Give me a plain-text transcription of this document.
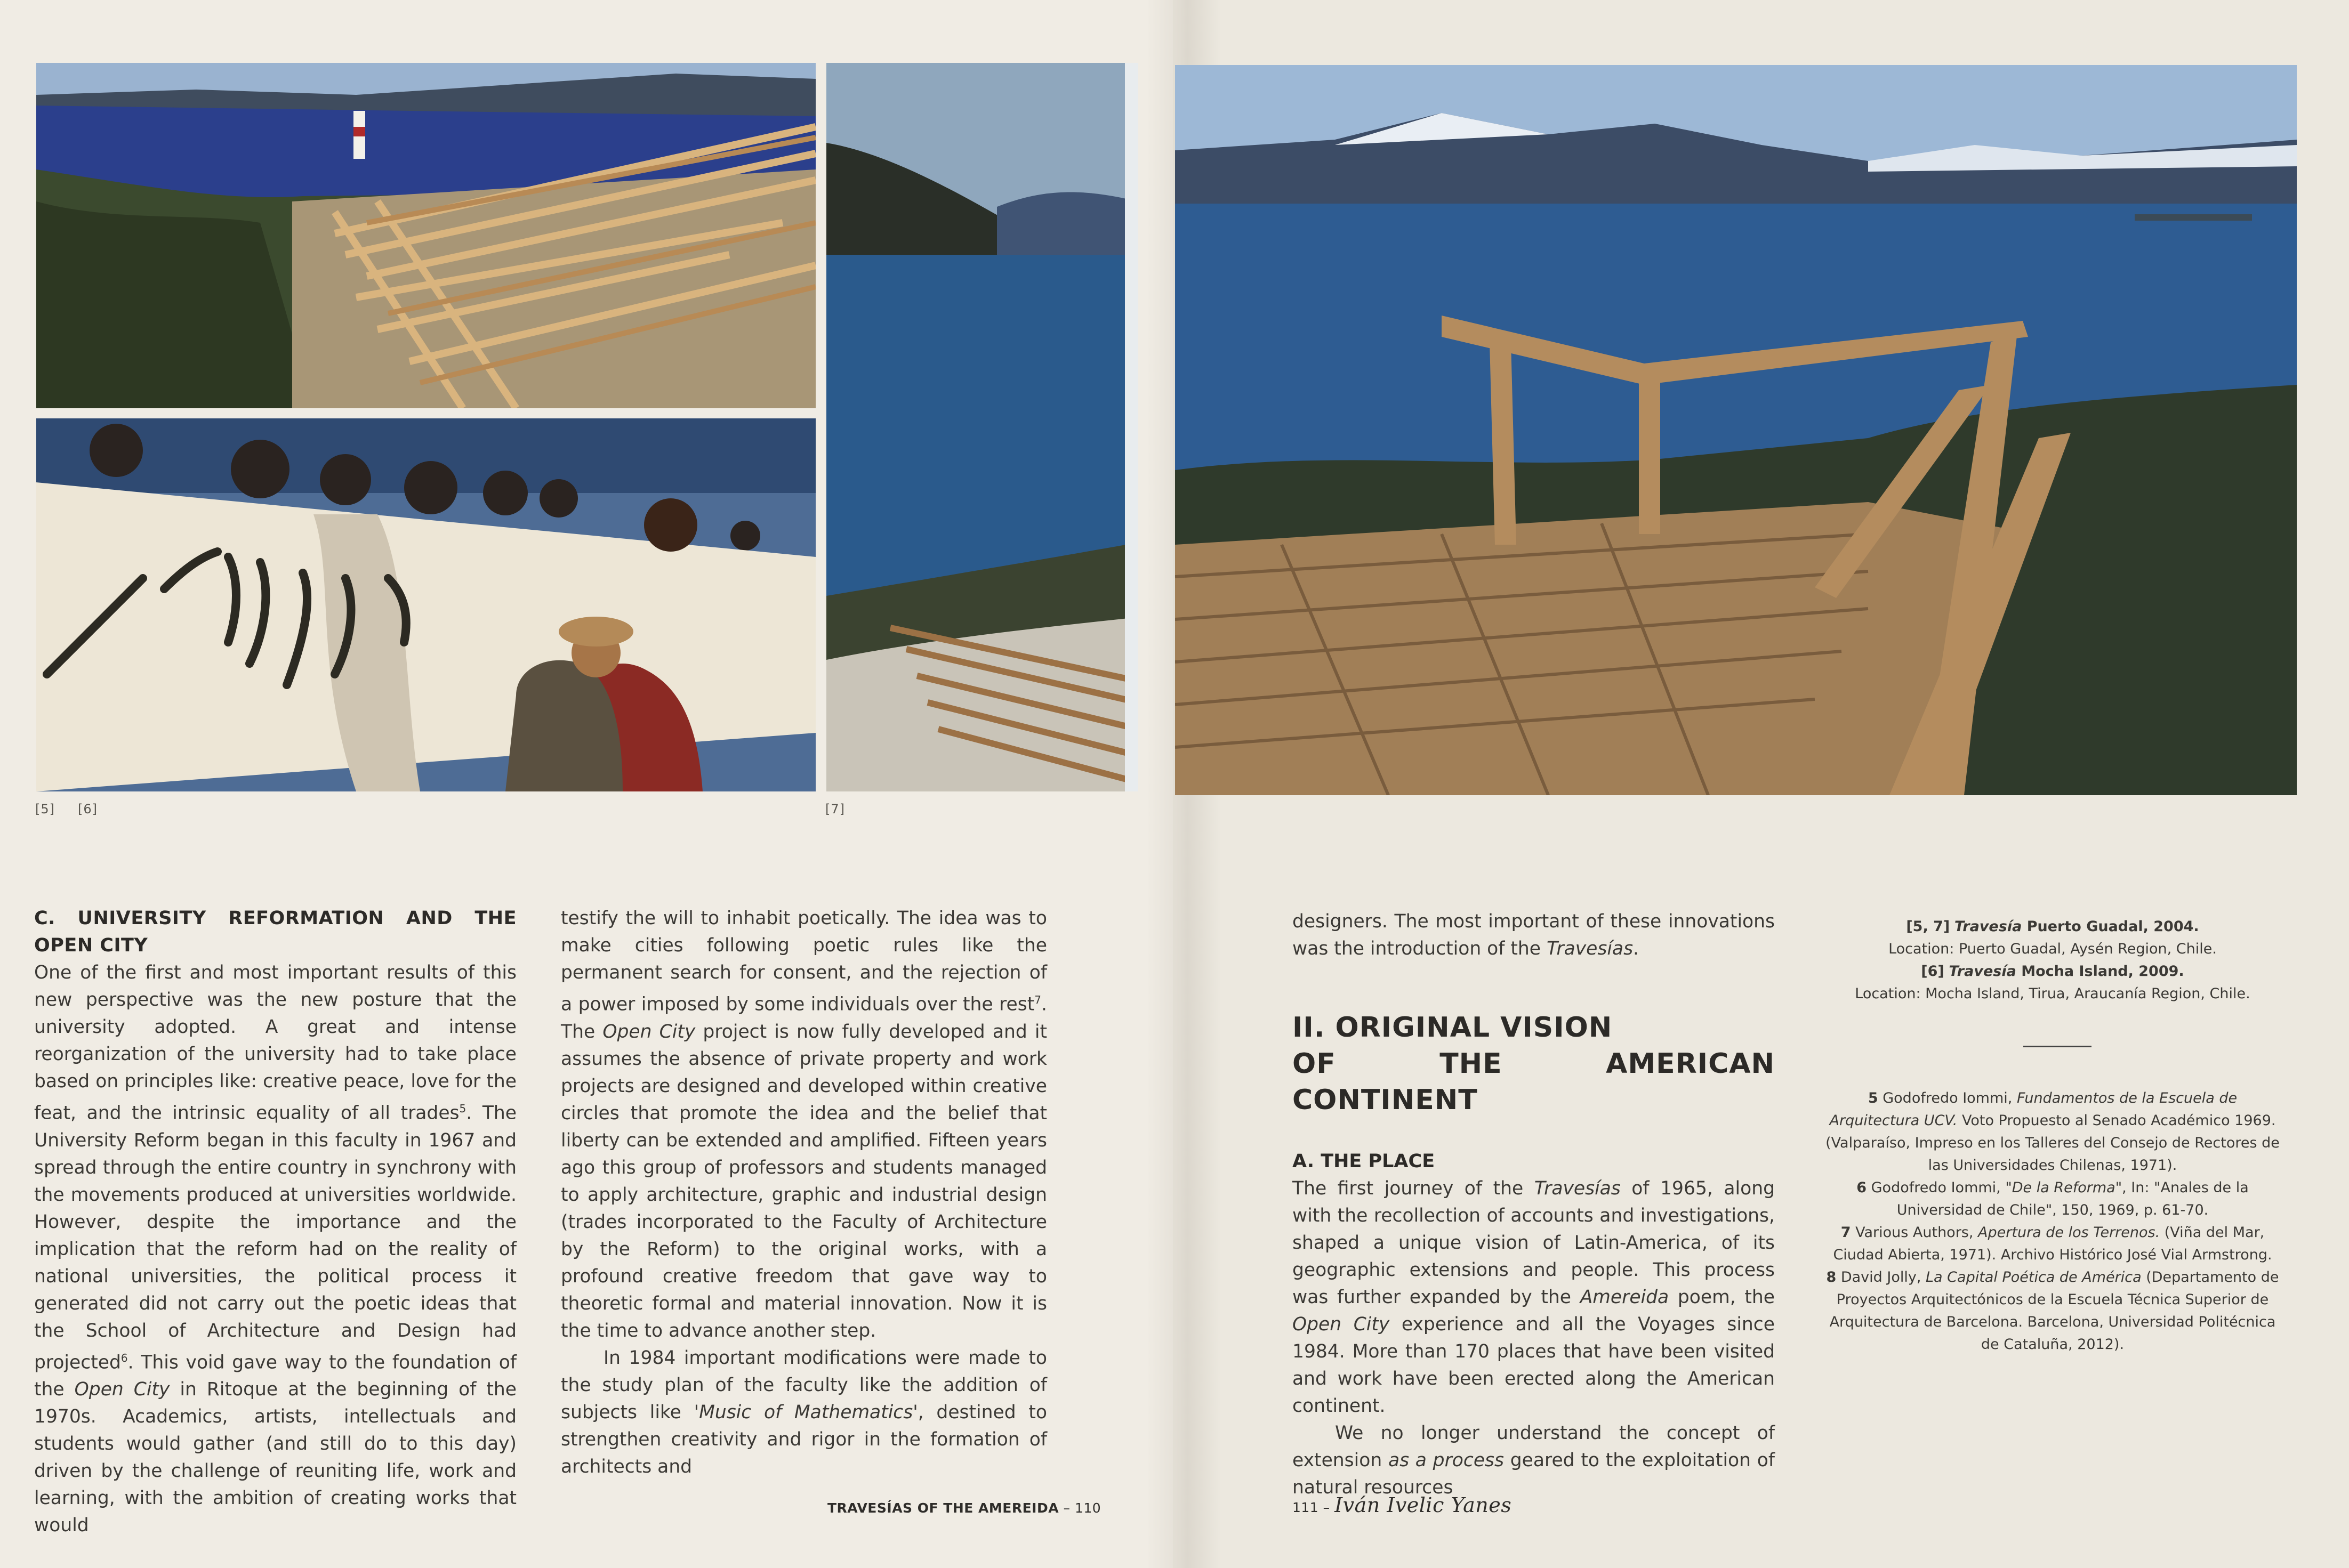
[5] [6]	[7]

C. UNIVERSITY REFORMATION AND THE OPEN CITY

One of the first and most important results of this new perspective was the new posture that the university adopted. A great and intense reorganization of the university had to take place based on principles like: creative peace, love for the feat, and the intrinsic equality of all trades$^5$. The University Reform began in this faculty in 1967 and spread through the entire country in synchrony with the movements produced at universities worldwide. However, despite the importance and the implication that the reform had on the reality of national universities, the political process it generated did not carry out the poetic ideas that the School of Architecture and Design had projected$^6$. This void gave way to the foundation of the Open City in Ritoque at the beginning of the 1970s. Academics, artists, intellectuals and students would gather (and still do to this day) driven by the challenge of reuniting life, work and learning, with the ambition of creating works that would

testify the will to inhabit poetically. The idea was to make cities following poetic rules like the permanent search for consent, and the rejection of a power imposed by some individuals over the rest$^7$. The Open City project is now fully developed and it assumes the absence of private property and work projects are designed and developed within creative circles that promote the idea and the belief that liberty can be extended and amplified. Fifteen years ago this group of professors and students managed to apply architecture, graphic and industrial design (trades incorporated to the Faculty of Architecture by the Reform) to the original works, with a profound creative freedom that gave way to theoretic formal and material innovation. Now it is the time to advance another step.

In 1984 important modifications were made to the study plan of the faculty like the addition of subjects like 'Music of Mathematics', destined to strengthen creativity and rigor in the formation of architects and

TRAVESÍAS OF THE AMEREIDA – 110

designers. The most important of these innovations was the introduction of the Travesías.

II. ORIGINAL VISION

OF THE AMERICAN CONTINENT

A. THE PLACE

The first journey of the Travesías of 1965, along with the recollection of accounts and investigations, shaped a unique vision of Latin-America, of its geographic extensions and people. This process was further expanded by the Amereida poem, the Open City experience and all the Voyages since 1984. More than 170 places that have been visited and work have been erected along the American continent.

We no longer understand the concept of extension as a process geared to the exploitation of natural resources

[5, 7] Travesía Puerto Guadal, 2004.
Location: Puerto Guadal, Aysén Region, Chile.
[6] Travesía Mocha Island, 2009.
Location: Mocha Island, Tirua, Araucanía Region, Chile.
5 Godofredo Iommi, Fundamentos de la Escuela de Arquitectura UCV. Voto Propuesto al Senado Académico 1969. (Valparaíso, Impreso en los Talleres del Consejo de Rectores de las Universidades Chilenas, 1971).
6 Godofredo Iommi, "De la Reforma", In: "Anales de la Universidad de Chile", 150, 1969, p. 61-70.
7 Various Authors, Apertura de los Terrenos. (Viña del Mar, Ciudad Abierta, 1971). Archivo Histórico José Vial Armstrong.
8 David Jolly, La Capital Poética de América (Departamento de Proyectos Arquitectónicos de la Escuela Técnica Superior de Arquitectura de Barcelona. Barcelona, Universidad Politécnica de Cataluña, 2012).
111 – Iván Ivelic Yanes
